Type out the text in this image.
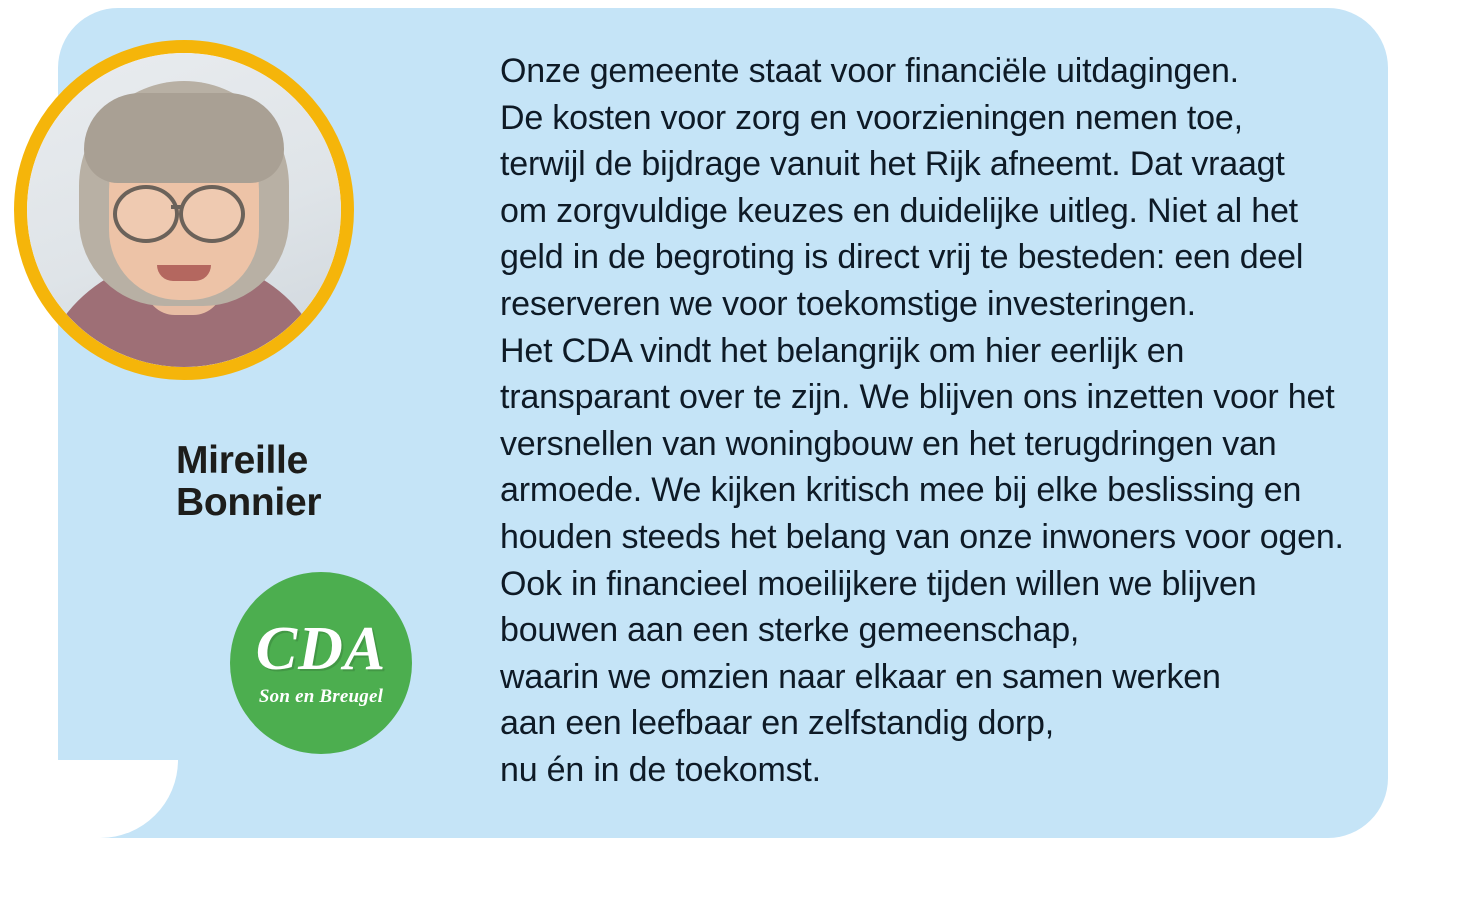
Mireille
Bonnier
CDA
Son en Breugel

Onze gemeente staat voor financiële uitdagingen.

De kosten voor zorg en voorzieningen nemen toe,

terwijl de bijdrage vanuit het Rijk afneemt. Dat vraagt

om zorgvuldige keuzes en duidelijke uitleg. Niet al het

geld in de begroting is direct vrij te besteden: een deel

reserveren we voor toekomstige investeringen.

Het CDA vindt het belangrijk om hier eerlijk en

transparant over te zijn. We blijven ons inzetten voor het

versnellen van woningbouw en het terugdringen van

armoede. We kijken kritisch mee bij elke beslissing en

houden steeds het belang van onze inwoners voor ogen.

Ook in financieel moeilijkere tijden willen we blijven

bouwen aan een sterke gemeenschap,

waarin we omzien naar elkaar en samen werken

aan een leefbaar en zelfstandig dorp,

nu én in de toekomst.
